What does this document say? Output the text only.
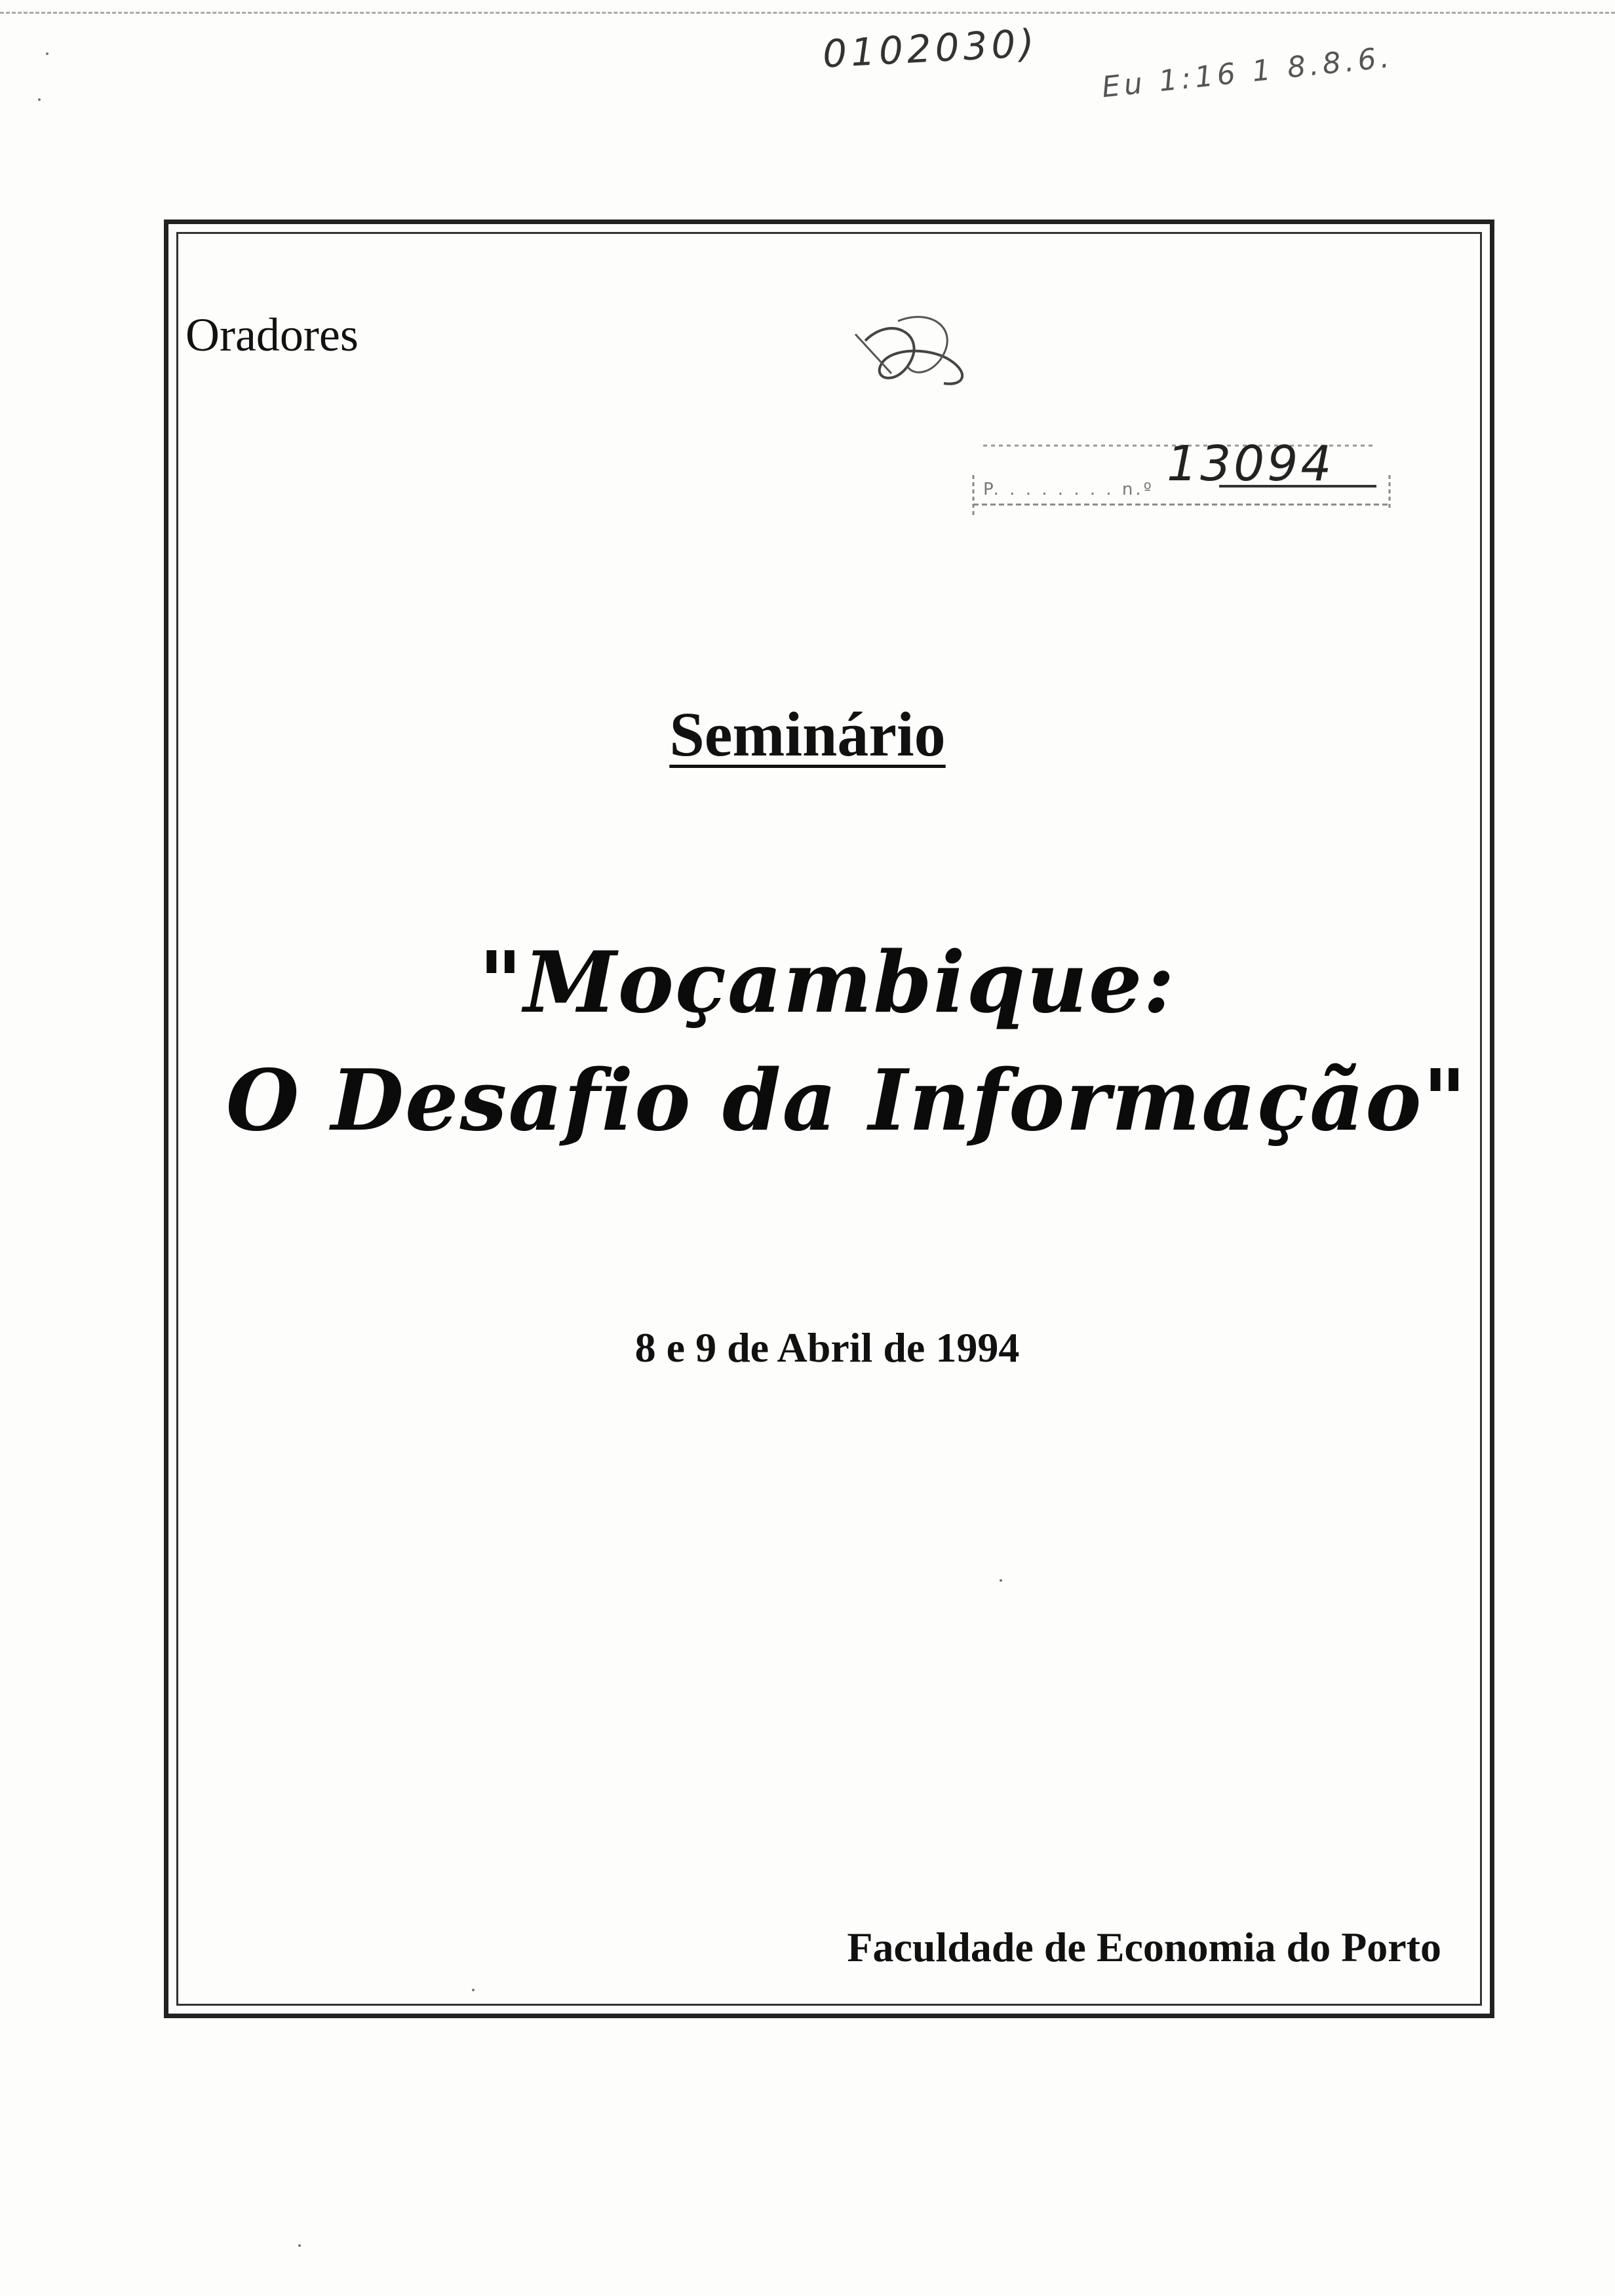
0102030) Eu 1:16 1 8.8.6.
Oradores
P. . . . . . . . n.º 13094
Seminário
"Moçambique:
O Desafio da Informação"
8 e 9 de Abril de 1994
Faculdade de Economia do Porto
